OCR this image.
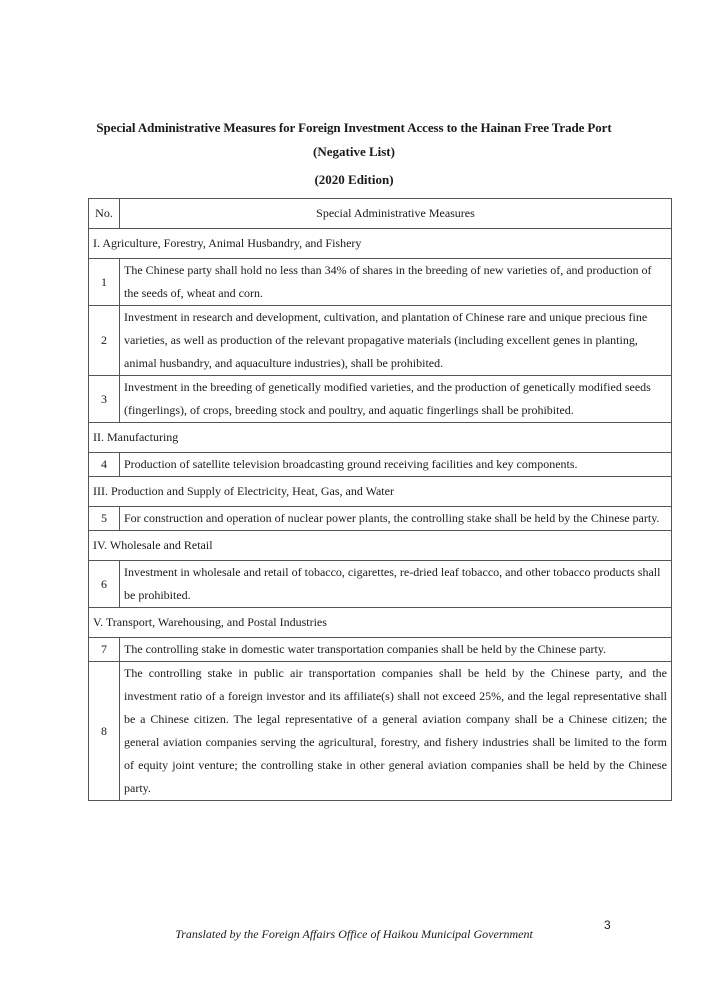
Special Administrative Measures for Foreign Investment Access to the Hainan Free Trade Port
(Negative List)
(2020 Edition)
No.	Special Administrative Measures
I. Agriculture, Forestry, Animal Husbandry, and Fishery	
1	The Chinese party shall hold no less than 34% of shares in the breeding of new varieties of, and production of the seeds of, wheat and corn.
2	Investment in research and development, cultivation, and plantation of Chinese rare and unique precious fine varieties, as well as production of the relevant propagative materials (including excellent genes in planting, animal husbandry, and aquaculture industries), shall be prohibited.
3	Investment in the breeding of genetically modified varieties, and the production of genetically modified seeds (fingerlings), of crops, breeding stock and poultry, and aquatic fingerlings shall be prohibited.
II. Manufacturing	
4	Production of satellite television broadcasting ground receiving facilities and key components.
III. Production and Supply of Electricity, Heat, Gas, and Water	
5	For construction and operation of nuclear power plants, the controlling stake shall be held by the Chinese party.
IV. Wholesale and Retail	
6	Investment in wholesale and retail of tobacco, cigarettes, re-dried leaf tobacco, and other tobacco products shall be prohibited.
V. Transport, Warehousing, and Postal Industries	
7	The controlling stake in domestic water transportation companies shall be held by the Chinese party.
8	The controlling stake in public air transportation companies shall be held by the Chinese party, and the investment ratio of a foreign investor and its affiliate(s) shall not exceed 25%, and the legal representative shall be a Chinese citizen. The legal representative of a general aviation company shall be a Chinese citizen; the general aviation companies serving the agricultural, forestry, and fishery industries shall be limited to the form of equity joint venture; the controlling stake in other general aviation companies shall be held by the Chinese party.
3
Translated by the Foreign Affairs Office of Haikou Municipal Government
